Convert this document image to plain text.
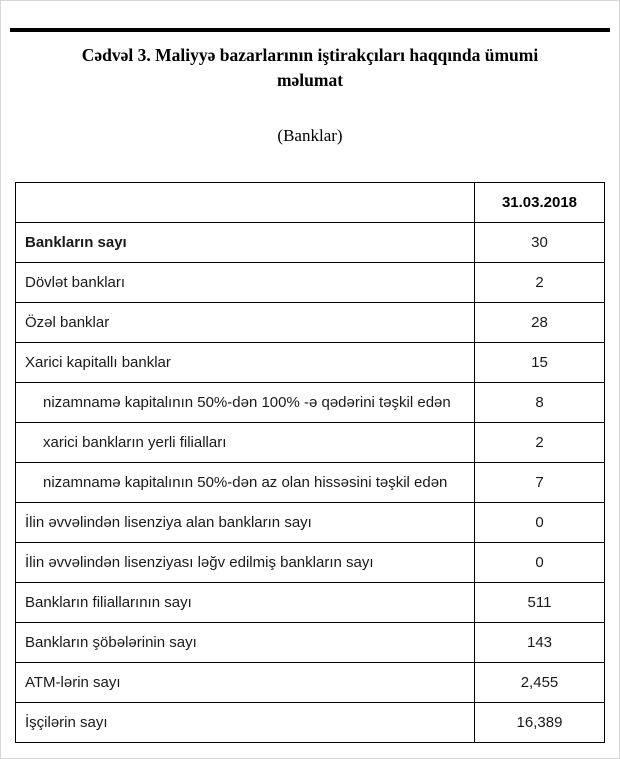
Cədvəl 3. Maliyyə bazarlarının iştirakçıları haqqında ümumi məlumat
(Banklar)
	31.03.2018
Bankların sayı	30
Dövlət bankları	2
Özəl banklar	28
Xarici kapitallı banklar	15
nizamnamə kapitalının 50%-dən 100% -ə qədərini təşkil edən	8
xarici bankların yerli filialları	2
nizamnamə kapitalının 50%-dən az olan hissəsini təşkil edən	7
İlin əvvəlindən lisenziya alan bankların sayı	0
İlin əvvəlindən lisenziyası ləğv edilmiş bankların sayı	0
Bankların filiallarının sayı	511
Bankların şöbələrinin sayı	143
ATM-lərin sayı	2,455
İşçilərin sayı	16,389
